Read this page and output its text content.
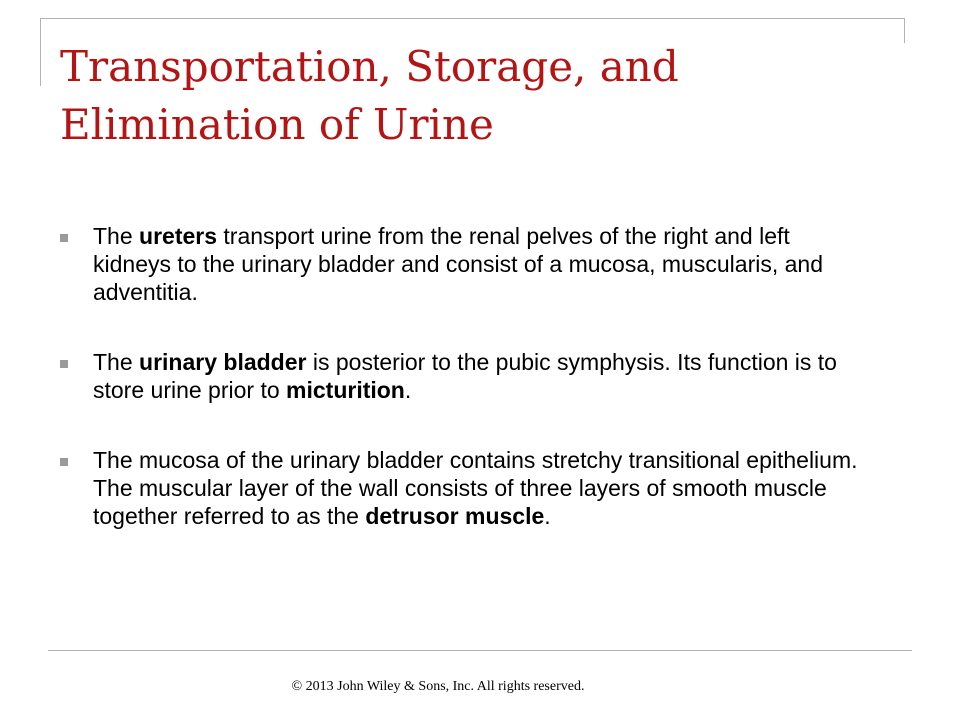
Transportation, Storage, and
Elimination of Urine
The ureters transport urine from the renal pelves of the right and left kidneys to the urinary bladder and consist of a mucosa, muscularis, and adventitia.
The urinary bladder is posterior to the pubic symphysis. Its function is to store urine prior to micturition.
The mucosa of the urinary bladder contains stretchy transitional epithelium. The muscular layer of the wall consists of three layers of smooth muscle together referred to as the detrusor muscle.
© 2013 John Wiley & Sons, Inc. All rights reserved.
